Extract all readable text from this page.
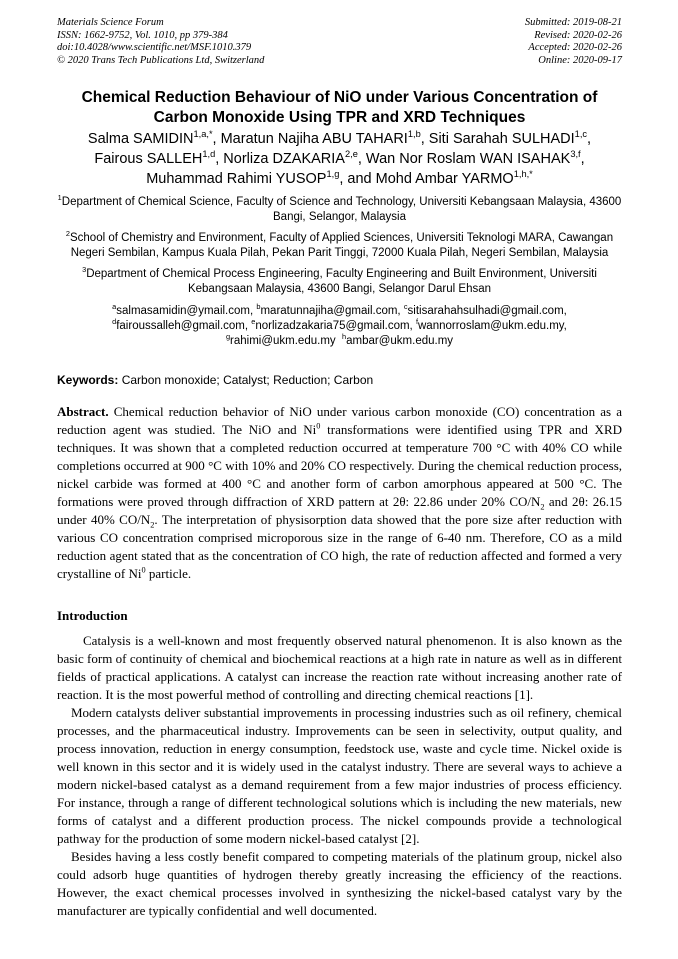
Materials Science Forum
ISSN: 1662-9752, Vol. 1010, pp 379-384
doi:10.4028/www.scientific.net/MSF.1010.379
© 2020 Trans Tech Publications Ltd, Switzerland
Submitted: 2019-08-21
Revised: 2020-02-26
Accepted: 2020-02-26
Online: 2020-09-17
Chemical Reduction Behaviour of NiO under Various Concentration of
Carbon Monoxide Using TPR and XRD Techniques
Salma $SAMIDIN^{1,a,*}$, Maratun Najiha ABU TAHARI$^{1,b}$, Siti Sarahah SULHADI$^{1,c}$,
Fairous SALLEH$^{1,d}$, Norliza DZAKARIA$^{2,e}$, Wan Nor Roslam WAN ISAHAK$^{3,f}$,
Muhammad Rahimi YUSOP$^{1,g}$, and Mohd Ambar $YARMO^{1,h,*}$
$^1$Department of Chemical Science, Faculty of Science and Technology, Universiti Kebangsaan Malaysia, 43600 Bangi, Selangor, Malaysia
$^2$School of Chemistry and Environment, Faculty of Applied Sciences, Universiti Teknologi MARA, Cawangan Negeri Sembilan, Kampus Kuala Pilah, Pekan Parit Tinggi, 72000 Kuala Pilah, Negeri Sembilan, Malaysia
$^3$Department of Chemical Process Engineering, Faculty Engineering and Built Environment, Universiti Kebangsaan Malaysia, 43600 Bangi, Selangor Darul Ehsan
$^a$salmasamidin@ymail.com, $^b$maratunnajiha@gmail.com, $^c$sitisarahahsulhadi@gmail.com,
$^d$fairoussalleh@gmail.com, $^e$norlizadzakaria75@gmail.com, $^f$wannorroslam@ukm.edu.my,
$^g$rahimi@ukm.edu.my  $^h$ambar@ukm.edu.my
Keywords: Carbon monoxide; Catalyst; Reduction; Carbon

Abstract. Chemical reduction behavior of NiO under various carbon monoxide (CO) concentration as a reduction agent was studied. The NiO and Ni$^0$ transformations were identified using TPR and XRD techniques. It was shown that a completed reduction occurred at temperature 700 °C with 40% CO while completions occurred at 900 °C with 10% and 20% CO respectively. During the chemical reduction process, nickel carbide was formed at 400 °C and another form of carbon amorphous appeared at 500 °C. The formations were proved through diffraction of XRD pattern at 2θ: 22.86 under 20% $CO/N_2$ and 2θ: 26.15 under 40% $CO/N_2$. The interpretation of physisorption data showed that the pore size after reduction with various CO concentration comprised microporous size in the range of 6-40 nm. Therefore, CO as a mild reduction agent stated that as the concentration of CO high, the rate of reduction affected and formed a very crystalline of Ni$^0$ particle.

Introduction

Catalysis is a well-known and most frequently observed natural phenomenon. It is also known as the basic form of continuity of chemical and biochemical reactions at a high rate in nature as well as in different fields of practical applications. A catalyst can increase the reaction rate without increasing another rate of reaction. It is the most powerful method of controlling and directing chemical reactions [1].

Modern catalysts deliver substantial improvements in processing industries such as oil refinery, chemical processes, and the pharmaceutical industry. Improvements can be seen in selectivity, output quality, and process innovation, reduction in energy consumption, feedstock use, waste and cycle time. Nickel oxide is well known in this sector and it is widely used in the catalyst industry. There are several ways to achieve a modern nickel-based catalyst as a demand requirement from a few major industries of process efficiency. For instance, through a range of different technological solutions which is including the new materials, new forms of catalyst and a different production process. The nickel compounds provide a technological pathway for the production of some modern nickel-based catalyst [2].

Besides having a less costly benefit compared to competing materials of the platinum group, nickel also could adsorb huge quantities of hydrogen thereby greatly increasing the efficiency of the reactions. However, the exact chemical processes involved in synthesizing the nickel-based catalyst vary by the manufacturer are typically confidential and well documented.
